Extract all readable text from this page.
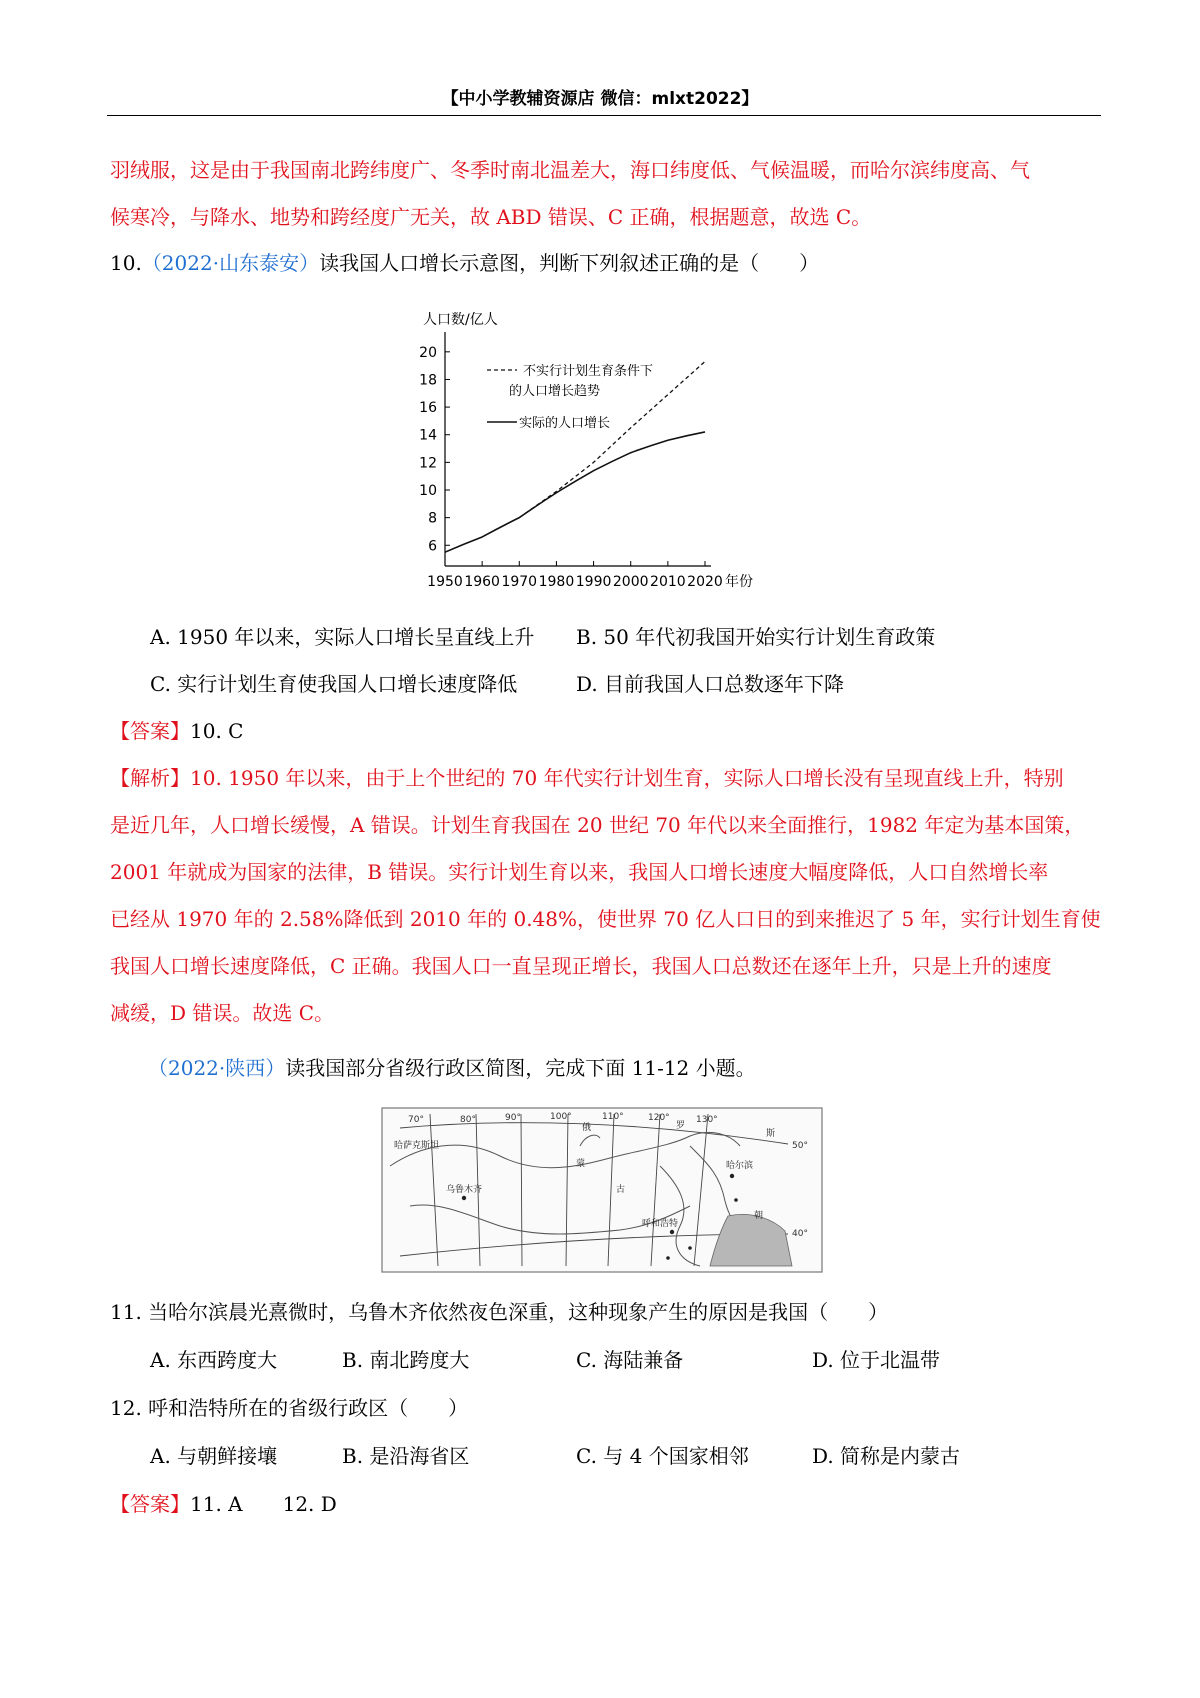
【中小学教辅资源店 微信：mlxt2022】
羽绒服，这是由于我国南北跨纬度广、冬季时南北温差大，海口纬度低、气候温暖，而哈尔滨纬度高、气
候寒冷，与降水、地势和跨经度广无关，故 ABD 错误、C 正确，根据题意，故选 C。
10.（2022·山东泰安）读我国人口增长示意图，判断下列叙述正确的是（　　）
人口数/亿人
6
8
10
12
14
16
18
20
1950 1960 1970 1980 1990 2000 2010 2020 年份
不实行计划生育条件下
的人口增长趋势
实际的人口增长
A. 1950 年以来，实际人口增长呈直线上升 B. 50 年代初我国开始实行计划生育政策
C. 实行计划生育使我国人口增长速度降低	D. 目前我国人口总数逐年下降
【答案】10. C
【解析】10. 1950 年以来，由于上个世纪的 70 年代实行计划生育，实际人口增长没有呈现直线上升，特别
是近几年，人口增长缓慢，A 错误。计划生育我国在 20 世纪 70 年代以来全面推行，1982 年定为基本国策，
2001 年就成为国家的法律，B 错误。实行计划生育以来，我国人口增长速度大幅度降低，人口自然增长率
已经从 1970 年的 2.58%降低到 2010 年的 0.48%，使世界 70 亿人口日的到来推迟了 5 年，实行计划生育使
我国人口增长速度降低，C 正确。我国人口一直呈现正增长，我国人口总数还在逐年上升，只是上升的速度
减缓，D 错误。故选 C。
（2022·陕西）读我国部分省级行政区简图，完成下面 11-12 小题。
70°	80°	90°	100°	110°	120°	130°
50°
40°
哈萨克斯坦
乌鲁木齐
蒙
古
俄	罗
斯
哈尔滨
呼和浩特
朝
11. 当哈尔滨晨光熹微时，乌鲁木齐依然夜色深重，这种现象产生的原因是我国（　　）
A. 东西跨度大	B. 南北跨度大	C. 海陆兼备	D. 位于北温带
12. 呼和浩特所在的省级行政区（　　）
A. 与朝鲜接壤	B. 是沿海省区	C. 与 4 个国家相邻	D. 简称是内蒙古
【答案】11. A　　12. D
